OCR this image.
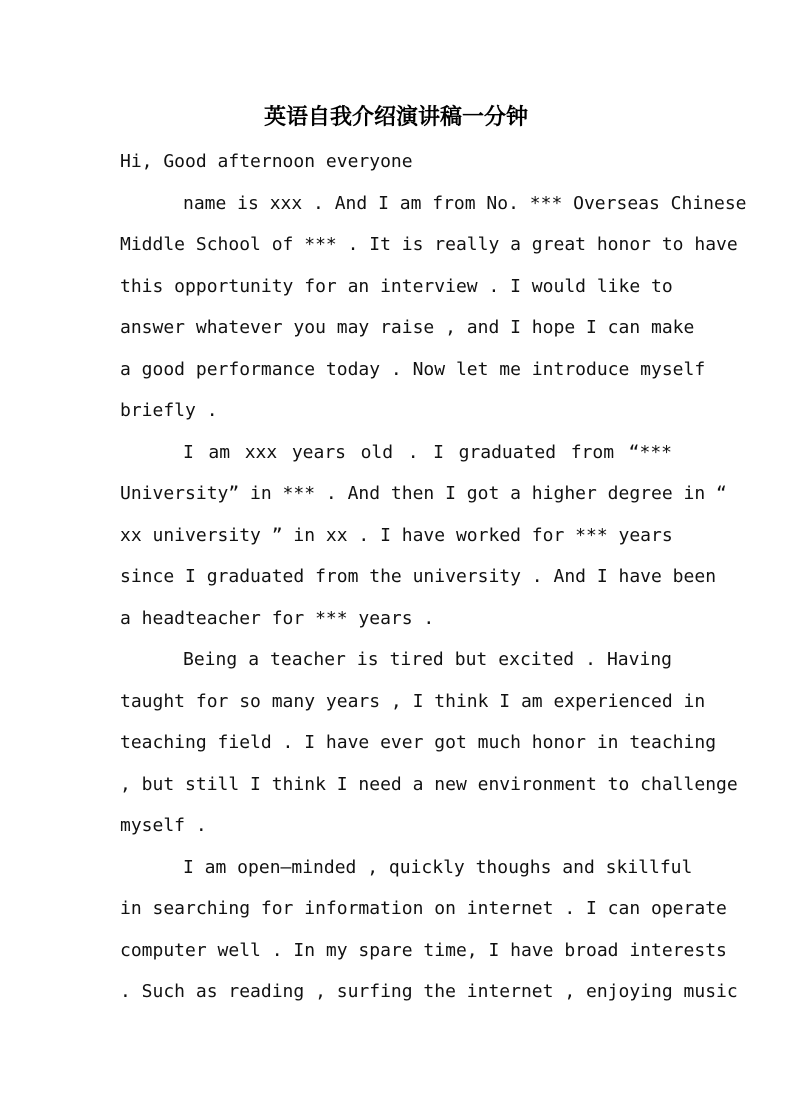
英语自我介绍演讲稿一分钟
Hi, Good afternoon everyone
name is xxx . And I am from No. *** Overseas Chinese
Middle School of *** . It is really a great honor to have
this opportunity for an interview . I would like to
answer whatever you may raise , and I hope I can make
a good performance today . Now let me introduce myself
briefly .
I am xxx years old . I graduated from “***
University” in *** . And then I got a higher degree in “
xx university ” in xx . I have worked for *** years
since I graduated from the university . And I have been
a headteacher for *** years .
Being a teacher is tired but excited . Having
taught for so many years , I think I am experienced in
teaching field . I have ever got much honor in teaching
, but still I think I need a new environment to challenge
myself .
I am open—minded , quickly thoughs and skillful
in searching for information on internet . I can operate
computer well . In my spare time, I have broad interests
. Such as reading , surfing the internet , enjoying music
